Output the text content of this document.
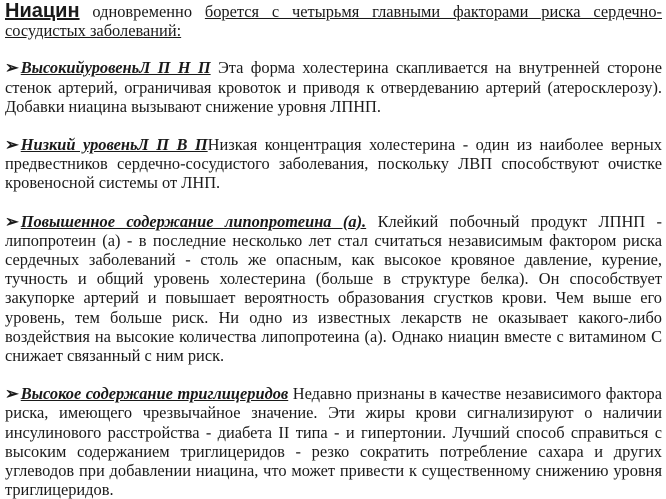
Ниацин одновременно борется с четырьмя главными факторами риска сердечно-сосудистых заболеваний:

➢ ВысокийуровеньЛ П Н П Эта форма холестерина скапливается на внутренней стороне стенок артерий, ограничивая кровоток и приводя к отвердеванию артерий (атеросклерозу). Добавки ниацина вызывают снижение уровня ЛПНП.

➢ Низкий уровеньЛ П В ПНизкая концентрация холестерина - один из наиболее верных предвестников сердечно-сосудистого заболевания, поскольку ЛВП способствуют очистке кровеносной системы от ЛНП.

➢ Повышенное содержание липопротеина (а). Клейкий побочный продукт ЛПНП - липопротеин (а) - в последние несколько лет стал считаться независимым фактором риска сердечных заболеваний - столь же опасным, как высокое кровяное давление, курение, тучность и общий уровень холестерина (больше в структуре белка). Он способствует закупорке артерий и повышает вероятность образования сгустков крови. Чем выше его уровень, тем больше риск. Ни одно из известных лекарств не оказывает какого-либо воздействия на высокие количества липопротеина (а). Однако ниацин вместе с витамином С снижает связанный с ним риск.

➢ Высокое содержание триглицеридов Недавно признаны в качестве независимого фактора риска, имеющего чрезвычайное значение. Эти жиры крови сигнализируют о наличии инсулинового расстройства - диабета II типа - и гипертонии. Лучший способ справиться с высоким содержанием триглицеридов - резко сократить потребление сахара и других углеводов при добавлении ниацина, что может привести к существенному снижению уровня триглицеридов.
